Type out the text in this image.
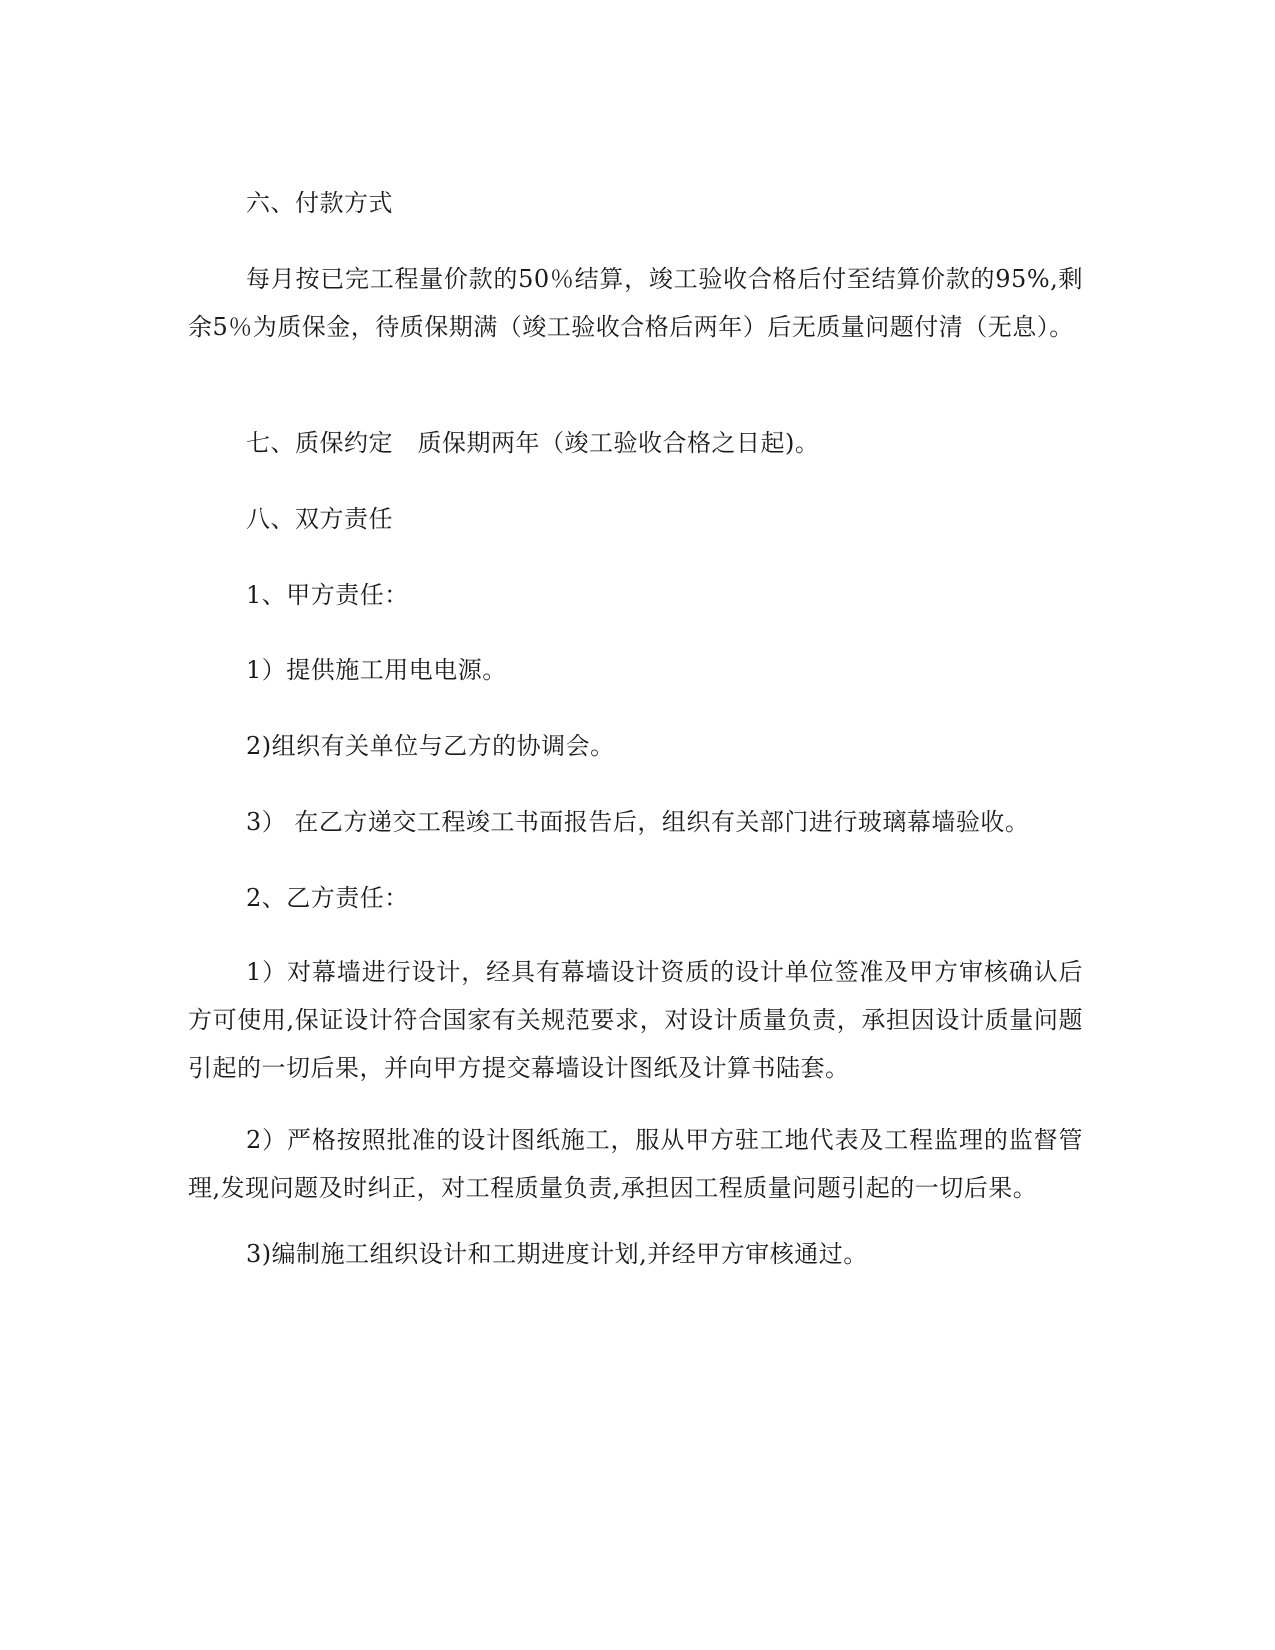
六、付款方式
每月按已完工程量价款的50％结算，竣工验收合格后付至结算价款的95%,剩余5％为质保金，待质保期满（竣工验收合格后两年）后无质量问题付清（无息）。
七、质保约定　质保期两年（竣工验收合格之日起)。
八、双方责任
1、甲方责任：
1）提供施工用电电源。
2)组织有关单位与乙方的协调会。
3） 在乙方递交工程竣工书面报告后，组织有关部门进行玻璃幕墙验收。
2、乙方责任：
1）对幕墙进行设计，经具有幕墙设计资质的设计单位签准及甲方审核确认后方可使用,保证设计符合国家有关规范要求，对设计质量负责，承担因设计质量问题引起的一切后果，并向甲方提交幕墙设计图纸及计算书陆套。
2）严格按照批准的设计图纸施工，服从甲方驻工地代表及工程监理的监督管理,发现问题及时纠正，对工程质量负责,承担因工程质量问题引起的一切后果。
3)编制施工组织设计和工期进度计划,并经甲方审核通过。
